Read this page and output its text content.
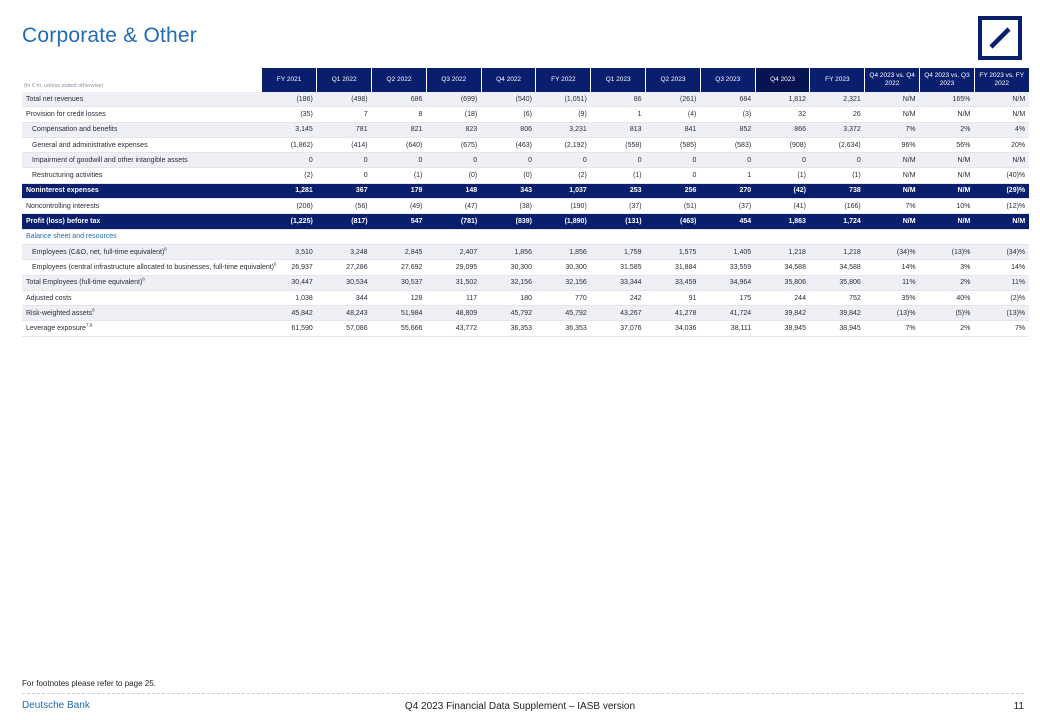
Corporate & Other
(In € m, unless stated otherwise)	FY 2021	Q1 2022	Q2 2022	Q3 2022	Q4 2022	FY 2022	Q1 2023	Q2 2023	Q3 2023	Q4 2023	FY 2023	Q4 2023 vs. Q4 2022	Q4 2023 vs. Q3 2023	FY 2023 vs. FY 2022
Total net revenues	(186)	(498)	686	(699)	(540)	(1,051)	86	(261)	684	1,812	2,321	N/M	165%	N/M
Provision for credit losses	(35)	7	8	(18)	(6)	(9)	1	(4)	(3)	32	26	N/M	N/M	N/M
Compensation and benefits	3,145	781	821	823	806	3,231	813	841	852	866	3,372	7%	2%	4%
General and administrative expenses	(1,862)	(414)	(640)	(675)	(463)	(2,192)	(558)	(585)	(583)	(908)	(2,634)	96%	56%	20%
Impairment of goodwill and other intangible assets	0	0	0	0	0	0	0	0	0	0	0	N/M	N/M	N/M
Restructuring activities	(2)	0	(1)	(0)	(0)	(2)	(1)	0	1	(1)	(1)	N/M	N/M	(40)%
Noninterest expenses	1,281	367	179	148	343	1,037	253	256	270	(42)	738	N/M	N/M	(29)%
Noncontrolling interests	(206)	(56)	(49)	(47)	(38)	(190)	(37)	(51)	(37)	(41)	(166)	7%	10%	(12)%
Profit (loss) before tax	(1,225)	(817)	547	(781)	(839)	(1,890)	(131)	(463)	454	1,863	1,724	N/M	N/M	N/M
Balance sheet and resources														
Employees (C&O, net, full-time equivalent)$^6$	3,510	3,248	2,845	2,407	1,856	1,856	1,759	1,575	1,405	1,218	1,218	(34)%	(13)%	(34)%
Employees (central infrastructure allocated to businesses, full-time equivalent)$^6$	26,937	27,286	27,692	29,095	30,300	30,300	31,585	31,884	33,559	34,588	34,588	14%	3%	14%
Total Employees (full-time equivalent)$^6$	30,447	30,534	30,537	31,502	32,156	32,156	33,344	33,459	34,964	35,806	35,806	11%	2%	11%
Adjusted costs	1,038	344	128	117	180	770	242	91	175	244	752	35%	40%	(2)%
Risk-weighted assets$^8$	45,842	48,243	51,984	48,809	45,792	45,792	43,267	41,278	41,724	39,842	39,842	(13)%	(5)%	(13)%
Leverage exposure$^{7,8}$	61,590	57,086	55,666	43,772	36,353	36,353	37,076	34,036	38,111	38,945	38,945	7%	2%	7%
For footnotes please refer to page 25.
Deutsche Bank	Q4 2023 Financial Data Supplement – IASB version	11
